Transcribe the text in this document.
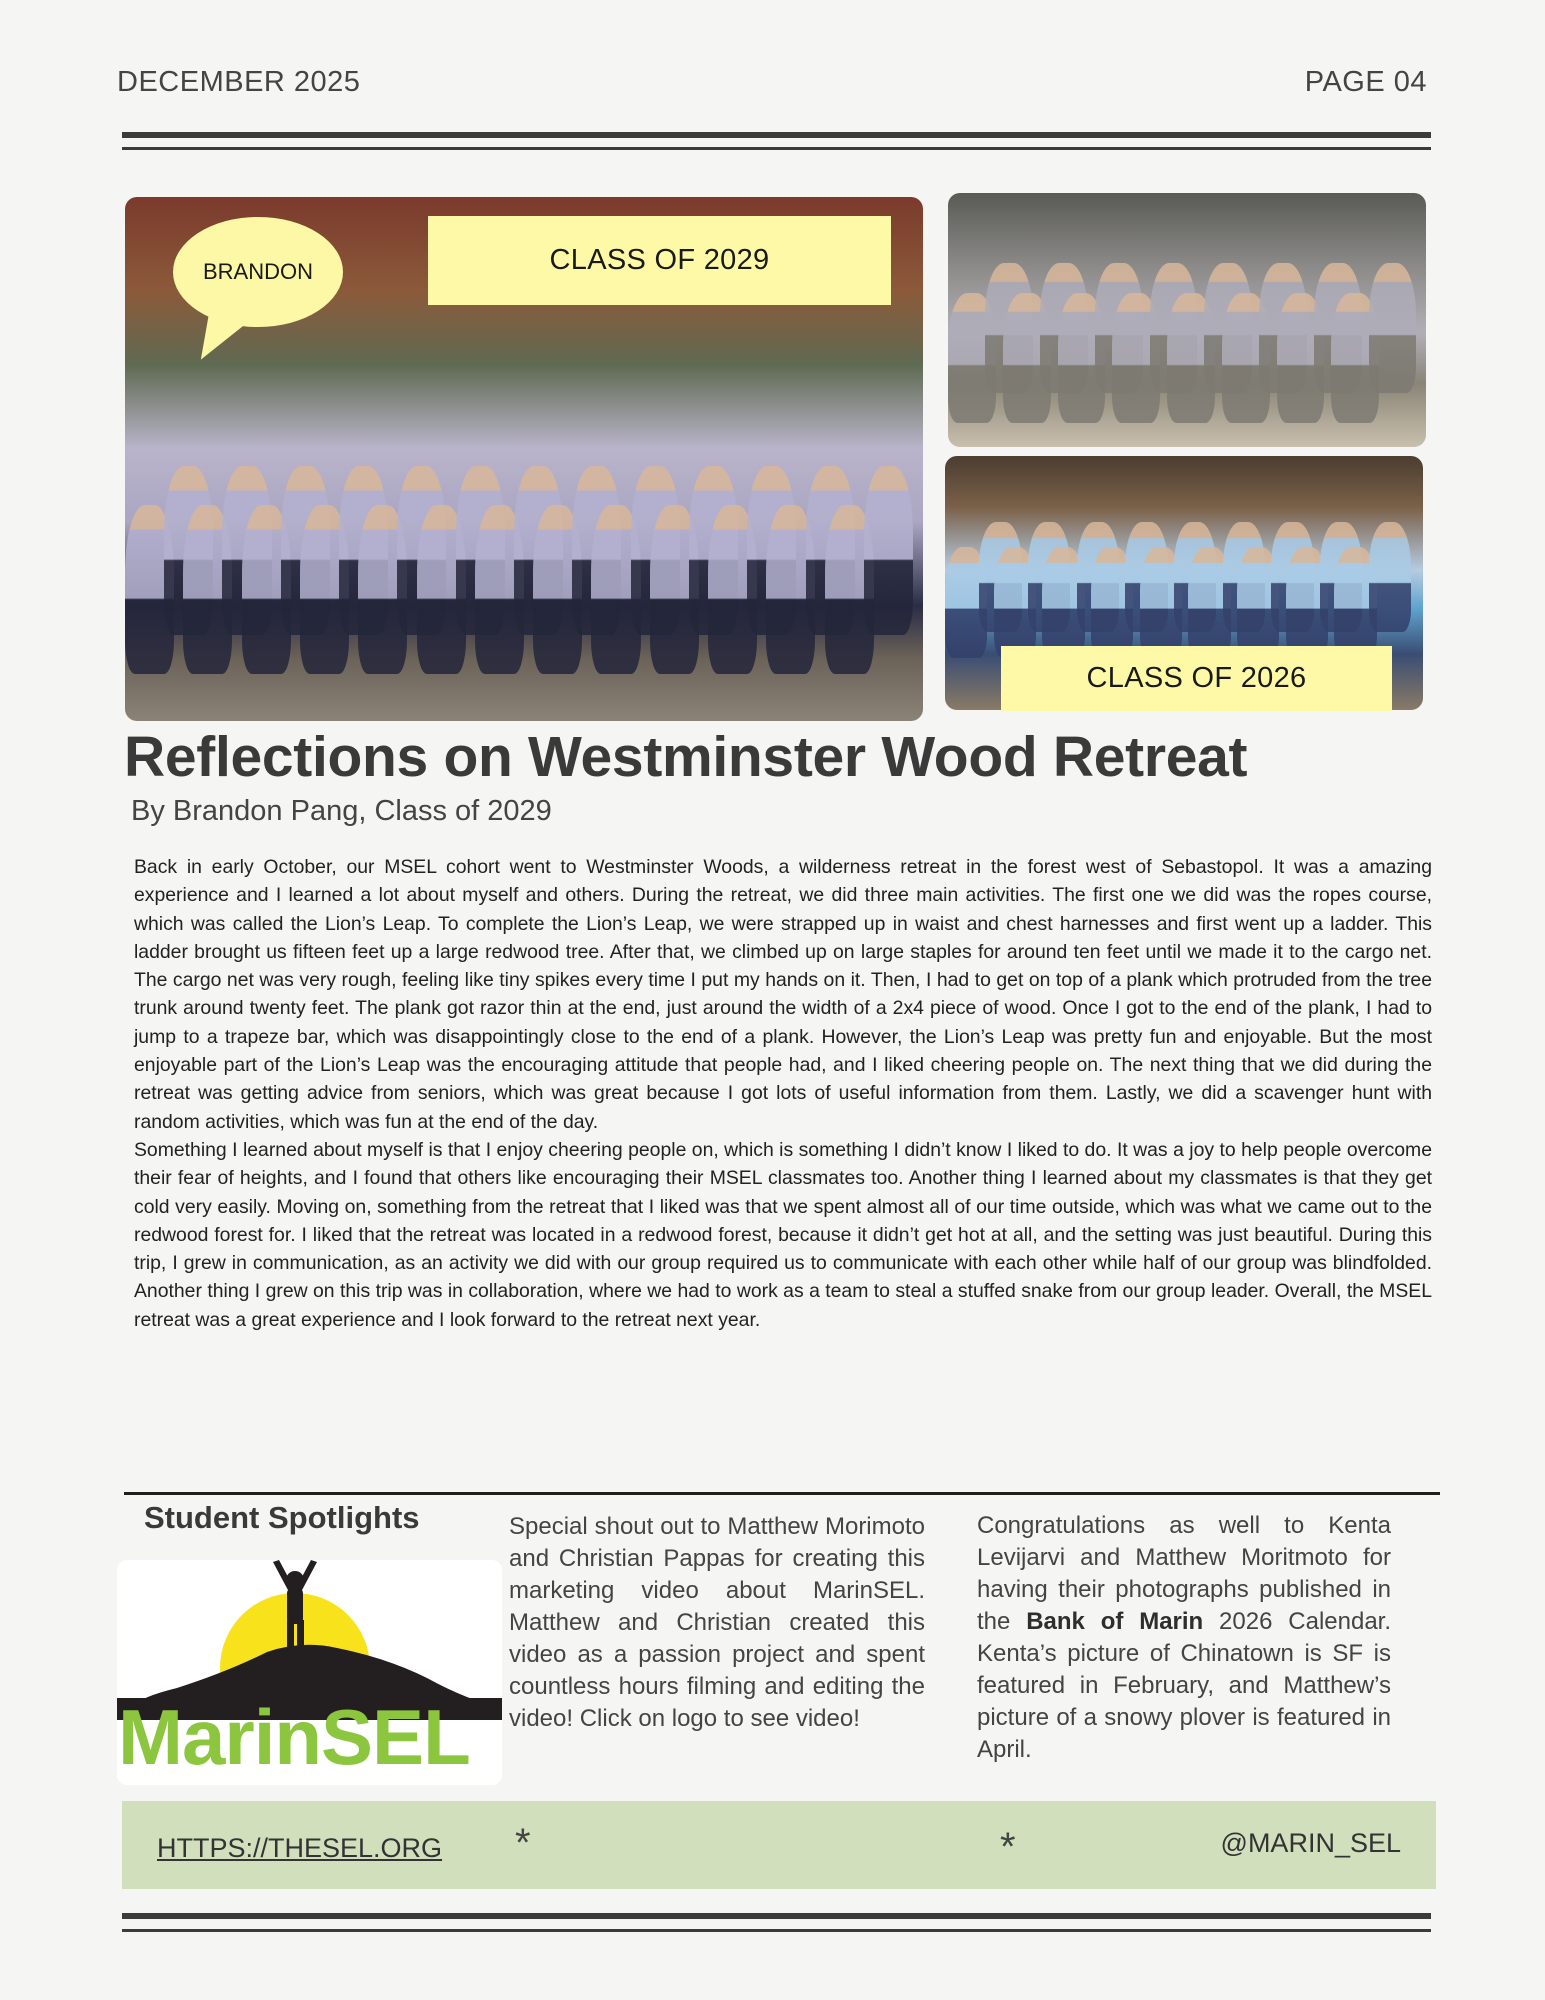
DECEMBER 2025	PAGE 04
BRANDON	CLASS OF 2029
CLASS OF 2026
Reflections on Westminster Wood Retreat
By Brandon Pang, Class of 2029

Back in early October, our MSEL cohort went to Westminster Woods, a wilderness retreat in the forest west of Sebastopol. It was a amazing experience and I learned a lot about myself and others. During the retreat, we did three main activities. The first one we did was the ropes course, which was called the Lion’s Leap. To complete the Lion’s Leap, we were strapped up in waist and chest harnesses and first went up a ladder. This ladder brought us fifteen feet up a large redwood tree. After that, we climbed up on large staples for around ten feet until we made it to the cargo net. The cargo net was very rough, feeling like tiny spikes every time I put my hands on it. Then, I had to get on top of a plank which protruded from the tree trunk around twenty feet. The plank got razor thin at the end, just around the width of a 2x4 piece of wood. Once I got to the end of the plank, I had to jump to a trapeze bar, which was disappointingly close to the end of a plank. However, the Lion’s Leap was pretty fun and enjoyable. But the most enjoyable part of the Lion’s Leap was the encouraging attitude that people had, and I liked cheering people on. The next thing that we did during the retreat was getting advice from seniors, which was great because I got lots of useful information from them. Lastly, we did a scavenger hunt with random activities, which was fun at the end of the day.

Something I learned about myself is that I enjoy cheering people on, which is something I didn’t know I liked to do. It was a joy to help people overcome their fear of heights, and I found that others like encouraging their MSEL classmates too. Another thing I learned about my classmates is that they get cold very easily. Moving on, something from the retreat that I liked was that we spent almost all of our time outside, which was what we came out to the redwood forest for. I liked that the retreat was located in a redwood forest, because it didn’t get hot at all, and the setting was just beautiful. During this trip, I grew in communication, as an activity we did with our group required us to communicate with each other while half of our group was blindfolded. Another thing I grew on this trip was in collaboration, where we had to work as a team to steal a stuffed snake from our group leader. Overall, the MSEL retreat was a great experience and I look forward to the retreat next year.

Student Spotlights
MarinSEL
Special shout out to Matthew Morimoto and Christian Pappas for creating this marketing video about MarinSEL. Matthew and Christian created this video as a passion project and spent countless hours filming and editing the video! Click on logo to see video!
Congratulations as well to Kenta Levijarvi and Matthew Moritmoto for having their photographs published in the Bank of Marin 2026 Calendar. Kenta’s picture of Chinatown is SF is featured in February, and Matthew’s picture of a snowy plover is featured in April.
HTTPS://THESEL.ORG *	*	@MARIN_SEL
